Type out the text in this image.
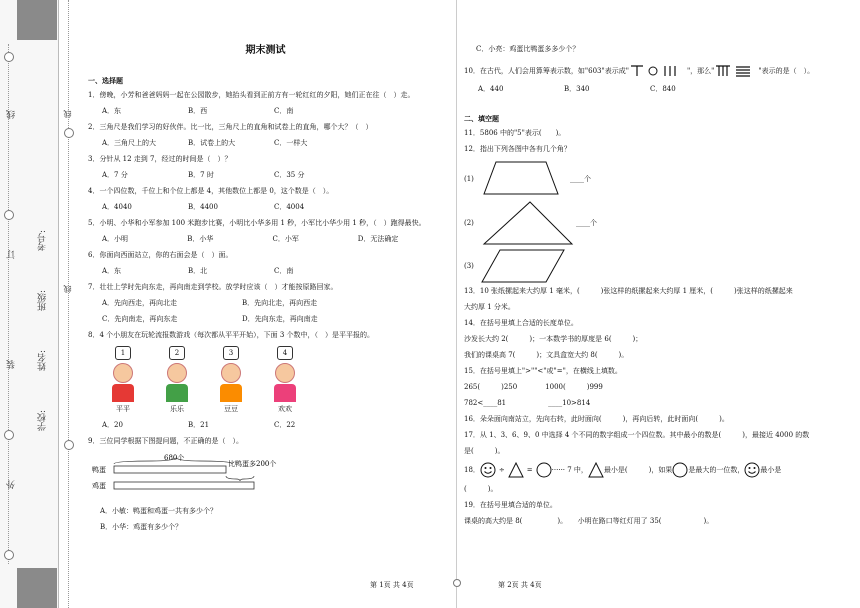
线
订
装
外
学校:
姓名:
班级:
考号:
线
线
期末测试
一、选择题
1．傍晚，小芳和爸爸妈妈一起在公园散步，她抬头看到正前方有一轮红红的夕阳，她们正在往（　）走。
A．东	B．西	C．南
2．三角尺是我们学习的好伙伴。比一比，三角尺上的直角和试卷上的直角，哪个大？（　）
A．三角尺上的大	B．试卷上的大	C．一样大
3．分针从 12 走到 7，经过的时间是（　）？
A．7 分	B．7 时	C．35 分
4．一个四位数，千位上和个位上都是 4，其他数位上都是 0，这个数是（　）。
A．4040	B．4400	C．4004
5．小明、小华和小军参加 100 米跑步比赛，小明比小华多用 1 秒，小军比小华少用 1 秒，（　）跑得最快。
A．小明	B．小华	C．小军	D．无法确定
6．你面向西面站立，你的右面会是（　）面。
A．东	B．北	C．南
7．壮壮上学时先向东走，再向南走到学校。放学时应该（　）才能按原路回家。
A．先向西走，再向北走	B．先向北走，再向西走
C．先向南走，再向东走	D．先向东走，再向南走
8．4 个小朋友在玩轮流报数游戏（每次都从平平开始），下面 3 个数中，（　）是平平报的。
1
平平
2
乐乐
3
豆豆
4
欢欢
A．20	B．21	C．22
9．三位同学根据下图提问题，不正确的是（　）。
680个
鸭蛋
鸡蛋
比鸭蛋多200个
A．小敏：鸭蛋和鸡蛋一共有多少个？
B．小华：鸡蛋有多少个？
C．小亮：鸡蛋比鸭蛋多多少个？
10．在古代，人们会用算筹表示数，如"603"表示成"	"，那么"	"表示的是（　）。
A．440	B．340	C．840
二、填空题
11．5806 中的"5"表示(　　)。
12．指出下列各图中各有几个角？
(1)	____个
(2)	____个
(3)
13．10 张纸摞起来大约厚 1 毫米，(　　　)张这样的纸摞起来大约厚 1 厘米，(　　　)张这样的纸摞起来
大约厚 1 分米。
14．在括号里填上合适的长度单位。
沙发长大约 2(　　　)；一本数学书的厚度是 6(　　　)；
我们的课桌高 7(　　　)；文具盒宽大约 8(　　　)。
15．在括号里填上">""<"或"="，在横线上填数。
265(　　　)250　　　　1000(　　　)999
782<____81　　　　　　____10>814
16．朵朵面向南站立，先向右转，此时面向(　　　)，再向后转，此时面向(　　　)。
17．从 1、3、6、9、0 中选择 4 个不同的数字组成一个四位数。其中最小的数是(　　　)，最接近 4000 的数
是(　　　)。
18．	÷	=	······ 7 中， 最小是(　　　)，如果 是最大的一位数， 最小是
(　　　)。
19．在括号里填合适的单位。
课桌的高大约是 8(　　　　　)。　　小明在路口等红灯用了 35(　　　　　　)。
第 1页 共 4页	第 2页 共 4页
